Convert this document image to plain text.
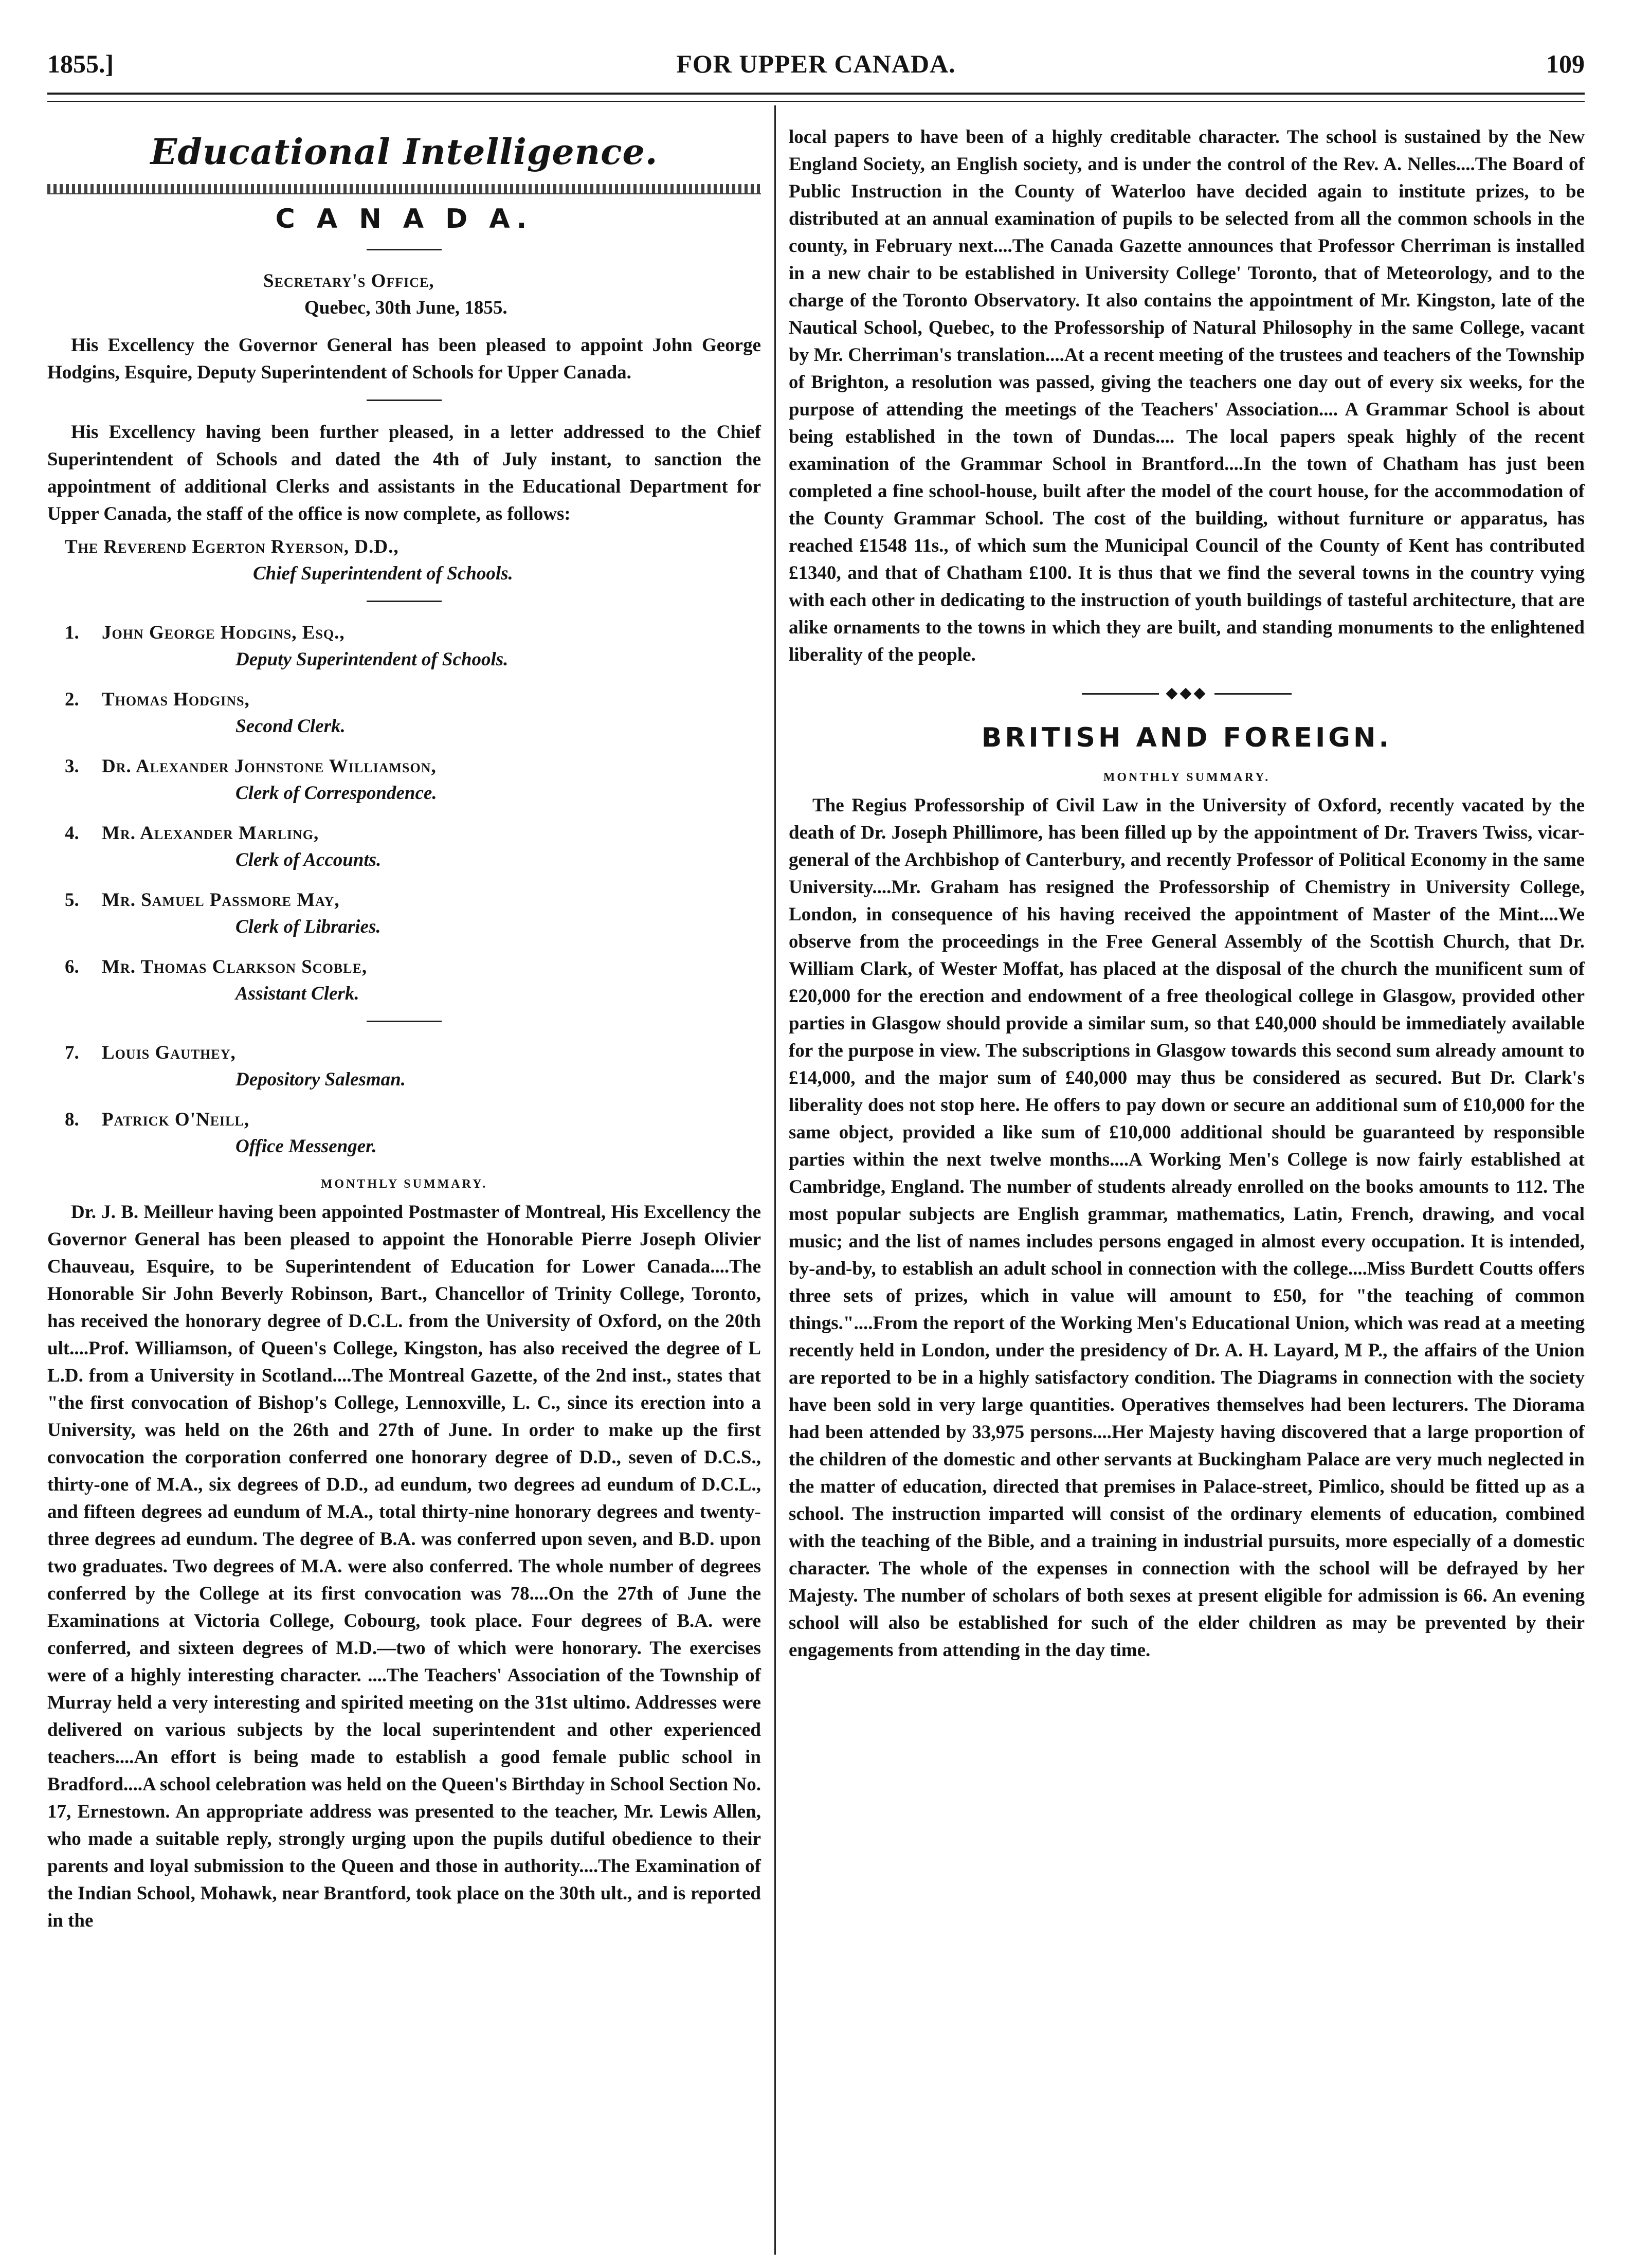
1855.]	FOR UPPER CANADA.	109
Educational Intelligence.
C A N A D A.
Secretary's Office,
Quebec, 30th June, 1855.

His Excellency the Governor General has been pleased to appoint John George Hodgins, Esquire, Deputy Superintendent of Schools for Upper Canada.

His Excellency having been further pleased, in a letter addressed to the Chief Superintendent of Schools and dated the 4th of July instant, to sanction the appointment of additional Clerks and assistants in the Educational Department for Upper Canada, the staff of the office is now complete, as follows:

The Reverend Egerton Ryerson, D.D.,
Chief Superintendent of Schools.
1. John George Hodgins, Esq.,
Deputy Superintendent of Schools.
2. Thomas Hodgins,
Second Clerk.
3. Dr. Alexander Johnstone Williamson,
Clerk of Correspondence.
4. Mr. Alexander Marling,
Clerk of Accounts.
5. Mr. Samuel Passmore May,
Clerk of Libraries.
6. Mr. Thomas Clarkson Scoble,
Assistant Clerk.
7. Louis Gauthey,
Depository Salesman.
8. Patrick O'Neill,
Office Messenger.
MONTHLY SUMMARY.

Dr. J. B. Meilleur having been appointed Postmaster of Montreal, His Excellency the Governor General has been pleased to appoint the Honorable Pierre Joseph Olivier Chauveau, Esquire, to be Superintendent of Education for Lower Canada....The Honorable Sir John Beverly Robinson, Bart., Chancellor of Trinity College, Toronto, has received the honorary degree of D.C.L. from the University of Oxford, on the 20th ult....Prof. Williamson, of Queen's College, Kingston, has also received the degree of L L.D. from a University in Scotland....The Montreal Gazette, of the 2nd inst., states that "the first convocation of Bishop's College, Lennoxville, L. C., since its erection into a University, was held on the 26th and 27th of June. In order to make up the first convocation the corporation conferred one honorary degree of D.D., seven of D.C.S., thirty-one of M.A., six degrees of D.D., ad eundum, two degrees ad eundum of D.C.L., and fifteen degrees ad eundum of M.A., total thirty-nine honorary degrees and twenty-three degrees ad eundum. The degree of B.A. was conferred upon seven, and B.D. upon two graduates. Two degrees of M.A. were also conferred. The whole number of degrees conferred by the College at its first convocation was 78....On the 27th of June the Examinations at Victoria College, Cobourg, took place. Four degrees of B.A. were conferred, and sixteen degrees of M.D.—two of which were honorary. The exercises were of a highly interesting character. ....The Teachers' Association of the Township of Murray held a very interesting and spirited meeting on the 31st ultimo. Addresses were delivered on various subjects by the local superintendent and other experienced teachers....An effort is being made to establish a good female public school in Bradford....A school celebration was held on the Queen's Birthday in School Section No. 17, Ernestown. An appropriate address was presented to the teacher, Mr. Lewis Allen, who made a suitable reply, strongly urging upon the pupils dutiful obedience to their parents and loyal submission to the Queen and those in authority....The Examination of the Indian School, Mohawk, near Brantford, took place on the 30th ult., and is reported in the

local papers to have been of a highly creditable character. The school is sustained by the New England Society, an English society, and is under the control of the Rev. A. Nelles....The Board of Public Instruction in the County of Waterloo have decided again to institute prizes, to be distributed at an annual examination of pupils to be selected from all the common schools in the county, in February next....The Canada Gazette announces that Professor Cherriman is installed in a new chair to be established in University College' Toronto, that of Meteorology, and to the charge of the Toronto Observatory. It also contains the appointment of Mr. Kingston, late of the Nautical School, Quebec, to the Professorship of Natural Philosophy in the same College, vacant by Mr. Cherriman's translation....At a recent meeting of the trustees and teachers of the Township of Brighton, a resolution was passed, giving the teachers one day out of every six weeks, for the purpose of attending the meetings of the Teachers' Association.... A Grammar School is about being established in the town of Dundas.... The local papers speak highly of the recent examination of the Grammar School in Brantford....In the town of Chatham has just been completed a fine school-house, built after the model of the court house, for the accommodation of the County Grammar School. The cost of the building, without furniture or apparatus, has reached £1548 11s., of which sum the Municipal Council of the County of Kent has contributed £1340, and that of Chatham £100. It is thus that we find the several towns in the country vying with each other in dedicating to the instruction of youth buildings of tasteful architecture, that are alike ornaments to the towns in which they are built, and standing monuments to the enlightened liberality of the people.

◆◆◆
BRITISH AND FOREIGN.
MONTHLY SUMMARY.

The Regius Professorship of Civil Law in the University of Oxford, recently vacated by the death of Dr. Joseph Phillimore, has been filled up by the appointment of Dr. Travers Twiss, vicar-general of the Archbishop of Canterbury, and recently Professor of Political Economy in the same University....Mr. Graham has resigned the Professorship of Chemistry in University College, London, in consequence of his having received the appointment of Master of the Mint....We observe from the proceedings in the Free General Assembly of the Scottish Church, that Dr. William Clark, of Wester Moffat, has placed at the disposal of the church the munificent sum of £20,000 for the erection and endowment of a free theological college in Glasgow, provided other parties in Glasgow should provide a similar sum, so that £40,000 should be immediately available for the purpose in view. The subscriptions in Glasgow towards this second sum already amount to £14,000, and the major sum of £40,000 may thus be considered as secured. But Dr. Clark's liberality does not stop here. He offers to pay down or secure an additional sum of £10,000 for the same object, provided a like sum of £10,000 additional should be guaranteed by responsible parties within the next twelve months....A Working Men's College is now fairly established at Cambridge, England. The number of students already enrolled on the books amounts to 112. The most popular subjects are English grammar, mathematics, Latin, French, drawing, and vocal music; and the list of names includes persons engaged in almost every occupation. It is intended, by-and-by, to establish an adult school in connection with the college....Miss Burdett Coutts offers three sets of prizes, which in value will amount to £50, for "the teaching of common things."....From the report of the Working Men's Educational Union, which was read at a meeting recently held in London, under the presidency of Dr. A. H. Layard, M P., the affairs of the Union are reported to be in a highly satisfactory condition. The Diagrams in connection with the society have been sold in very large quantities. Operatives themselves had been lecturers. The Diorama had been attended by 33,975 persons....Her Majesty having discovered that a large proportion of the children of the domestic and other servants at Buckingham Palace are very much neglected in the matter of education, directed that premises in Palace-street, Pimlico, should be fitted up as a school. The instruction imparted will consist of the ordinary elements of education, combined with the teaching of the Bible, and a training in industrial pursuits, more especially of a domestic character. The whole of the expenses in connection with the school will be defrayed by her Majesty. The number of scholars of both sexes at present eligible for admission is 66. An evening school will also be established for such of the elder children as may be prevented by their engagements from attending in the day time.
